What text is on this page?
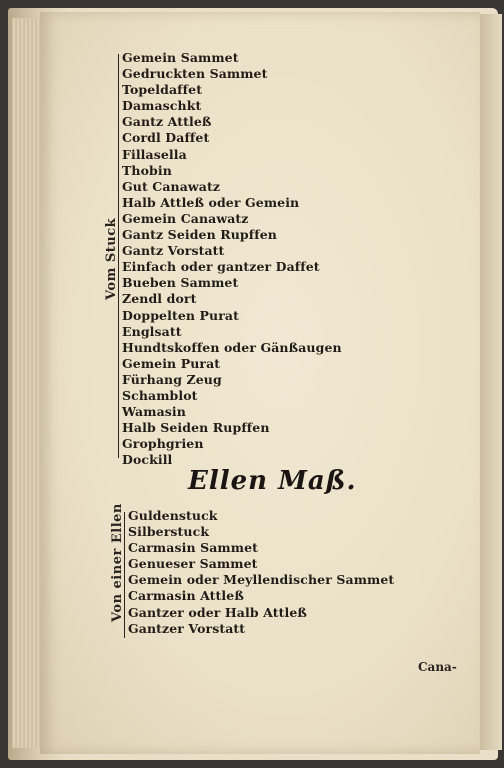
Vom Stuck
Gemein Sammet
Gedruckten Sammet
Topeldaffet
Damaschkt
Gantz Attleß
Cordl Daffet
Fillasella
Thobin
Gut Canawatz
Halb Attleß oder Gemein
Gemein Canawatz
Gantz Seiden Rupffen
Gantz Vorstatt
Einfach oder gantzer Daffet
Bueben Sammet
Zendl dort
Doppelten Purat
Englsatt
Hundtskoffen oder Gänßaugen
Gemein Purat
Fürhang Zeug
Schamblot
Wamasin
Halb Seiden Rupffen
Grophgrien
Dockill
Ellen Maß.
Von einer Ellen Guldenstuck
Silberstuck
Carmasin Sammet
Genueser Sammet
Gemein oder Meyllendischer Sammet
Carmasin Attleß
Gantzer oder Halb Attleß
Gantzer Vorstatt
Cana-
